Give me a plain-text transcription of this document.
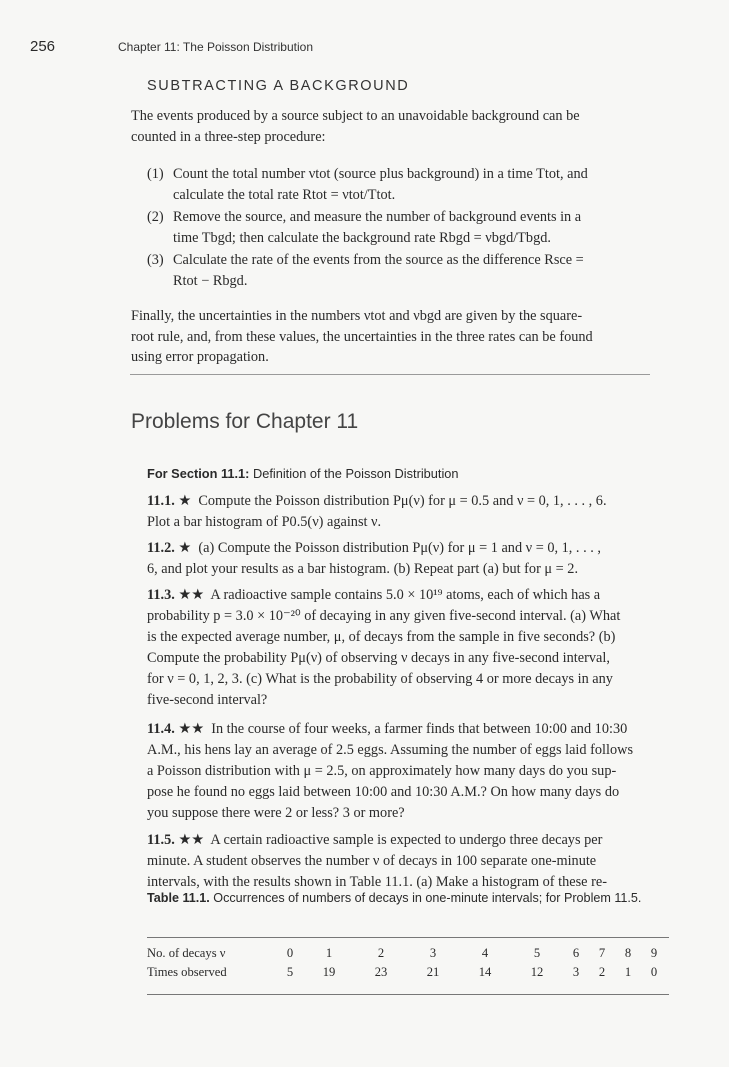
256	Chapter 11: The Poisson Distribution
SUBTRACTING A BACKGROUND
The events produced by a source subject to an unavoidable background can be
counted in a three-step procedure:
(1) Count the total number νtot (source plus background) in a time Ttot, and
calculate the total rate Rtot = νtot/Ttot.
(2) Remove the source, and measure the number of background events in a
time Tbgd; then calculate the background rate Rbgd = νbgd/Tbgd.
(3) Calculate the rate of the events from the source as the difference Rsce =
Rtot − Rbgd.
Finally, the uncertainties in the numbers νtot and νbgd are given by the square-
root rule, and, from these values, the uncertainties in the three rates can be found
using error propagation.
Problems for Chapter 11
For Section 11.1: Definition of the Poisson Distribution
11.1. ★ Compute the Poisson distribution Pμ(ν) for μ = 0.5 and ν = 0, 1, . . . , 6.
Plot a bar histogram of P0.5(ν) against ν.
11.2. ★ (a) Compute the Poisson distribution Pμ(ν) for μ = 1 and ν = 0, 1, . . . ,
6, and plot your results as a bar histogram. (b) Repeat part (a) but for μ = 2.
11.3. ★★ A radioactive sample contains 5.0 × 10¹⁹ atoms, each of which has a
probability p = 3.0 × 10⁻²⁰ of decaying in any given five-second interval. (a) What
is the expected average number, μ, of decays from the sample in five seconds? (b)
Compute the probability Pμ(ν) of observing ν decays in any five-second interval,
for ν = 0, 1, 2, 3. (c) What is the probability of observing 4 or more decays in any
five-second interval?
11.4. ★★ In the course of four weeks, a farmer finds that between 10:00 and 10:30
A.M., his hens lay an average of 2.5 eggs. Assuming the number of eggs laid follows
a Poisson distribution with μ = 2.5, on approximately how many days do you sup-
pose he found no eggs laid between 10:00 and 10:30 A.M.? On how many days do
you suppose there were 2 or less? 3 or more?
11.5. ★★ A certain radioactive sample is expected to undergo three decays per
minute. A student observes the number ν of decays in 100 separate one-minute
intervals, with the results shown in Table 11.1. (a) Make a histogram of these re-
Table 11.1. Occurrences of numbers of decays in one-minute intervals; for Problem 11.5.
No. of decays ν	0	1	2	3	4	5	6	7	8	9
Times observed	5	19	23	21	14	12	3	2	1	0
